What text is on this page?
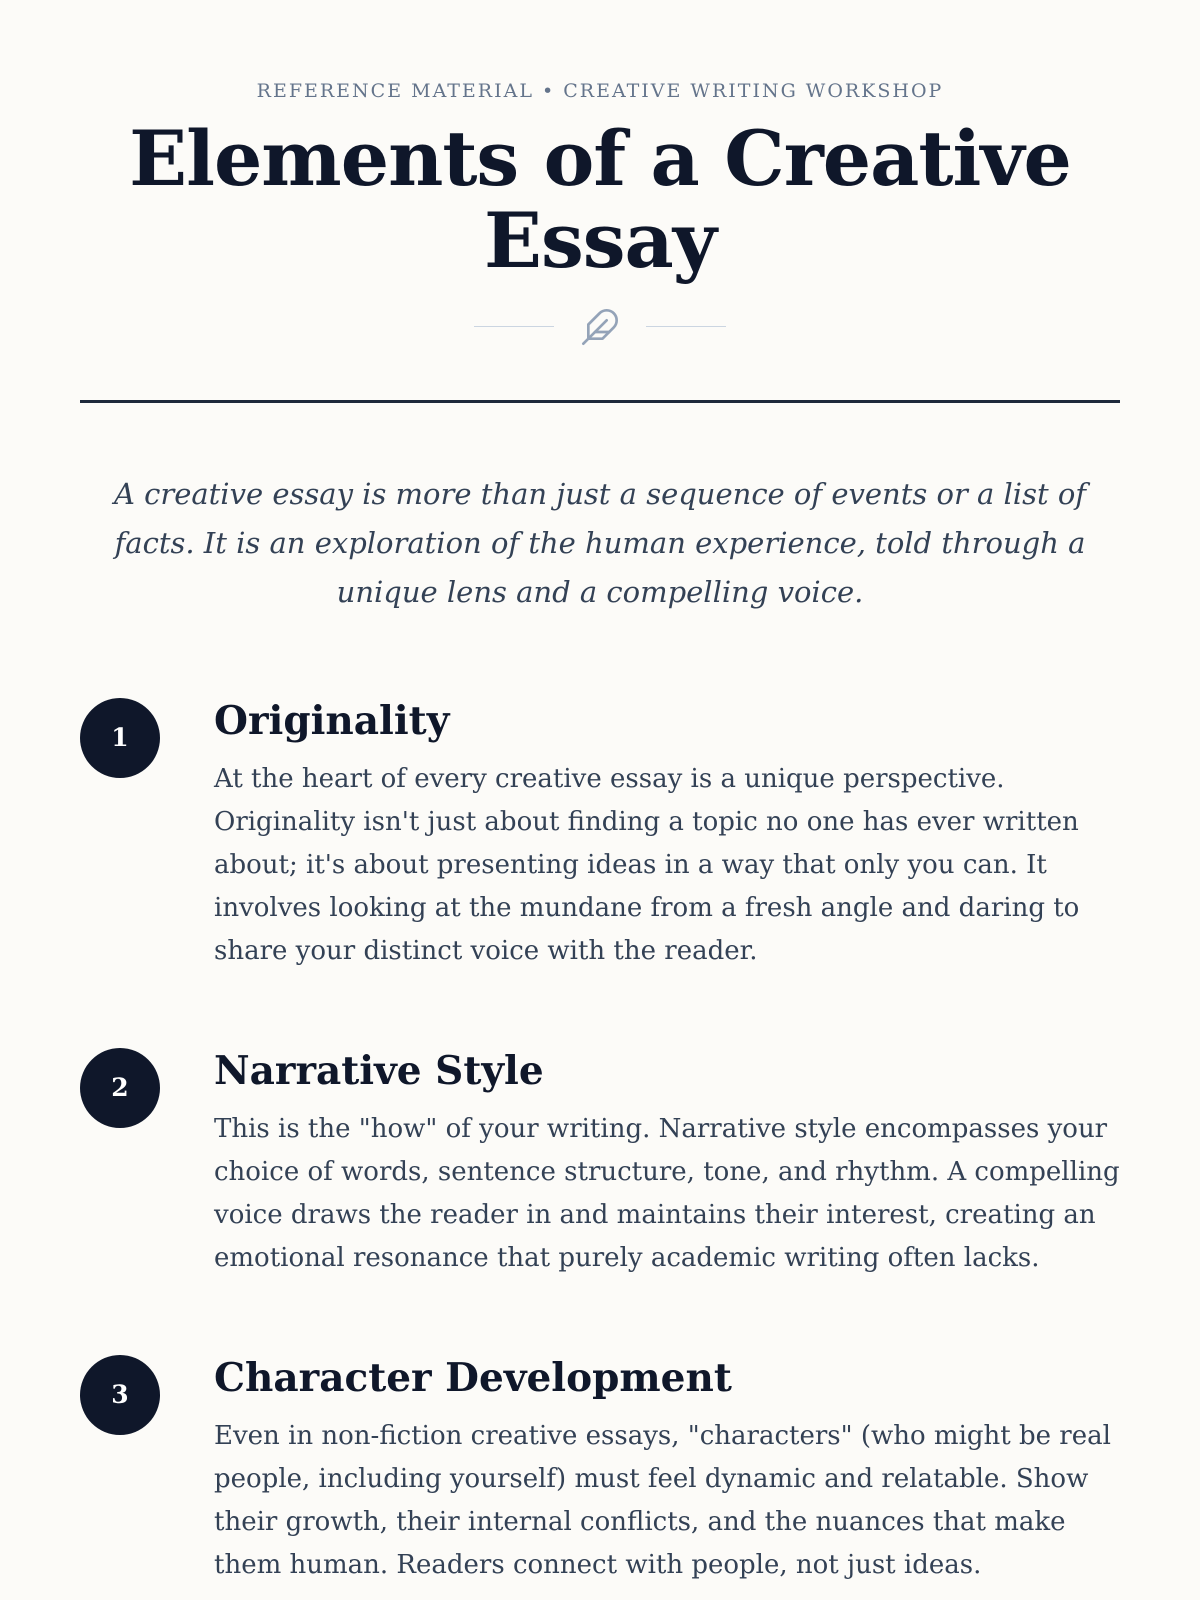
REFERENCE MATERIAL • CREATIVE WRITING WORKSHOP
Elements of a Creative Essay

A creative essay is more than just a sequence of events or a list of facts. It is an exploration of the human experience, told through a unique lens and a compelling voice.

1	Originality

At the heart of every creative essay is a unique perspective. Originality isn't just about finding a topic no one has ever written about; it's about presenting ideas in a way that only you can. It involves looking at the mundane from a fresh angle and daring to share your distinct voice with the reader.

2	Narrative Style

This is the "how" of your writing. Narrative style encompasses your choice of words, sentence structure, tone, and rhythm. A compelling voice draws the reader in and maintains their interest, creating an emotional resonance that purely academic writing often lacks.

3	Character Development

Even in non-fiction creative essays, "characters" (who might be real people, including yourself) must feel dynamic and relatable. Show their growth, their internal conflicts, and the nuances that make them human. Readers connect with people, not just ideas.
